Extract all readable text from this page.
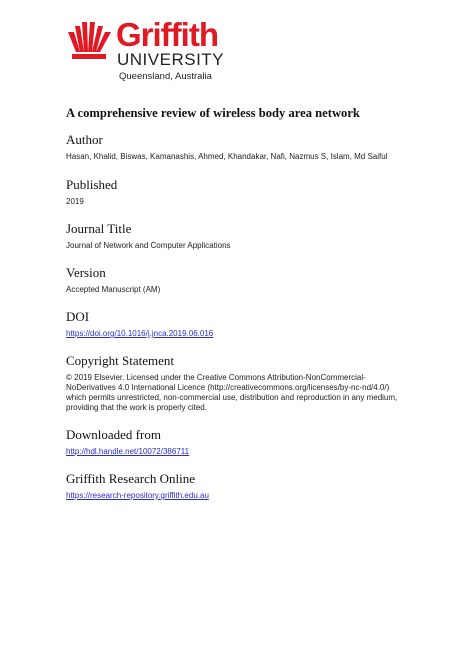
Griffith
UNIVERSITY
Queensland, Australia
A comprehensive review of wireless body area network
Author
Hasan, Khalid, Biswas, Kamanashis, Ahmed, Khandakar, Nafi, Nazmus S, Islam, Md Saiful
Published
2019
Journal Title
Journal of Network and Computer Applications
Version
Accepted Manuscript (AM)
DOI
https://doi.org/10.1016/j.jnca.2019.06.016
Copyright Statement
© 2019 Elsevier. Licensed under the Creative Commons Attribution-NonCommercial-
NoDerivatives 4.0 International Licence (http://creativecommons.org/licenses/by-nc-nd/4.0/)
which permits unrestricted, non-commercial use, distribution and reproduction in any medium,
providing that the work is properly cited.
Downloaded from
http://hdl.handle.net/10072/386711
Griffith Research Online
https://research-repository.griffith.edu.au
